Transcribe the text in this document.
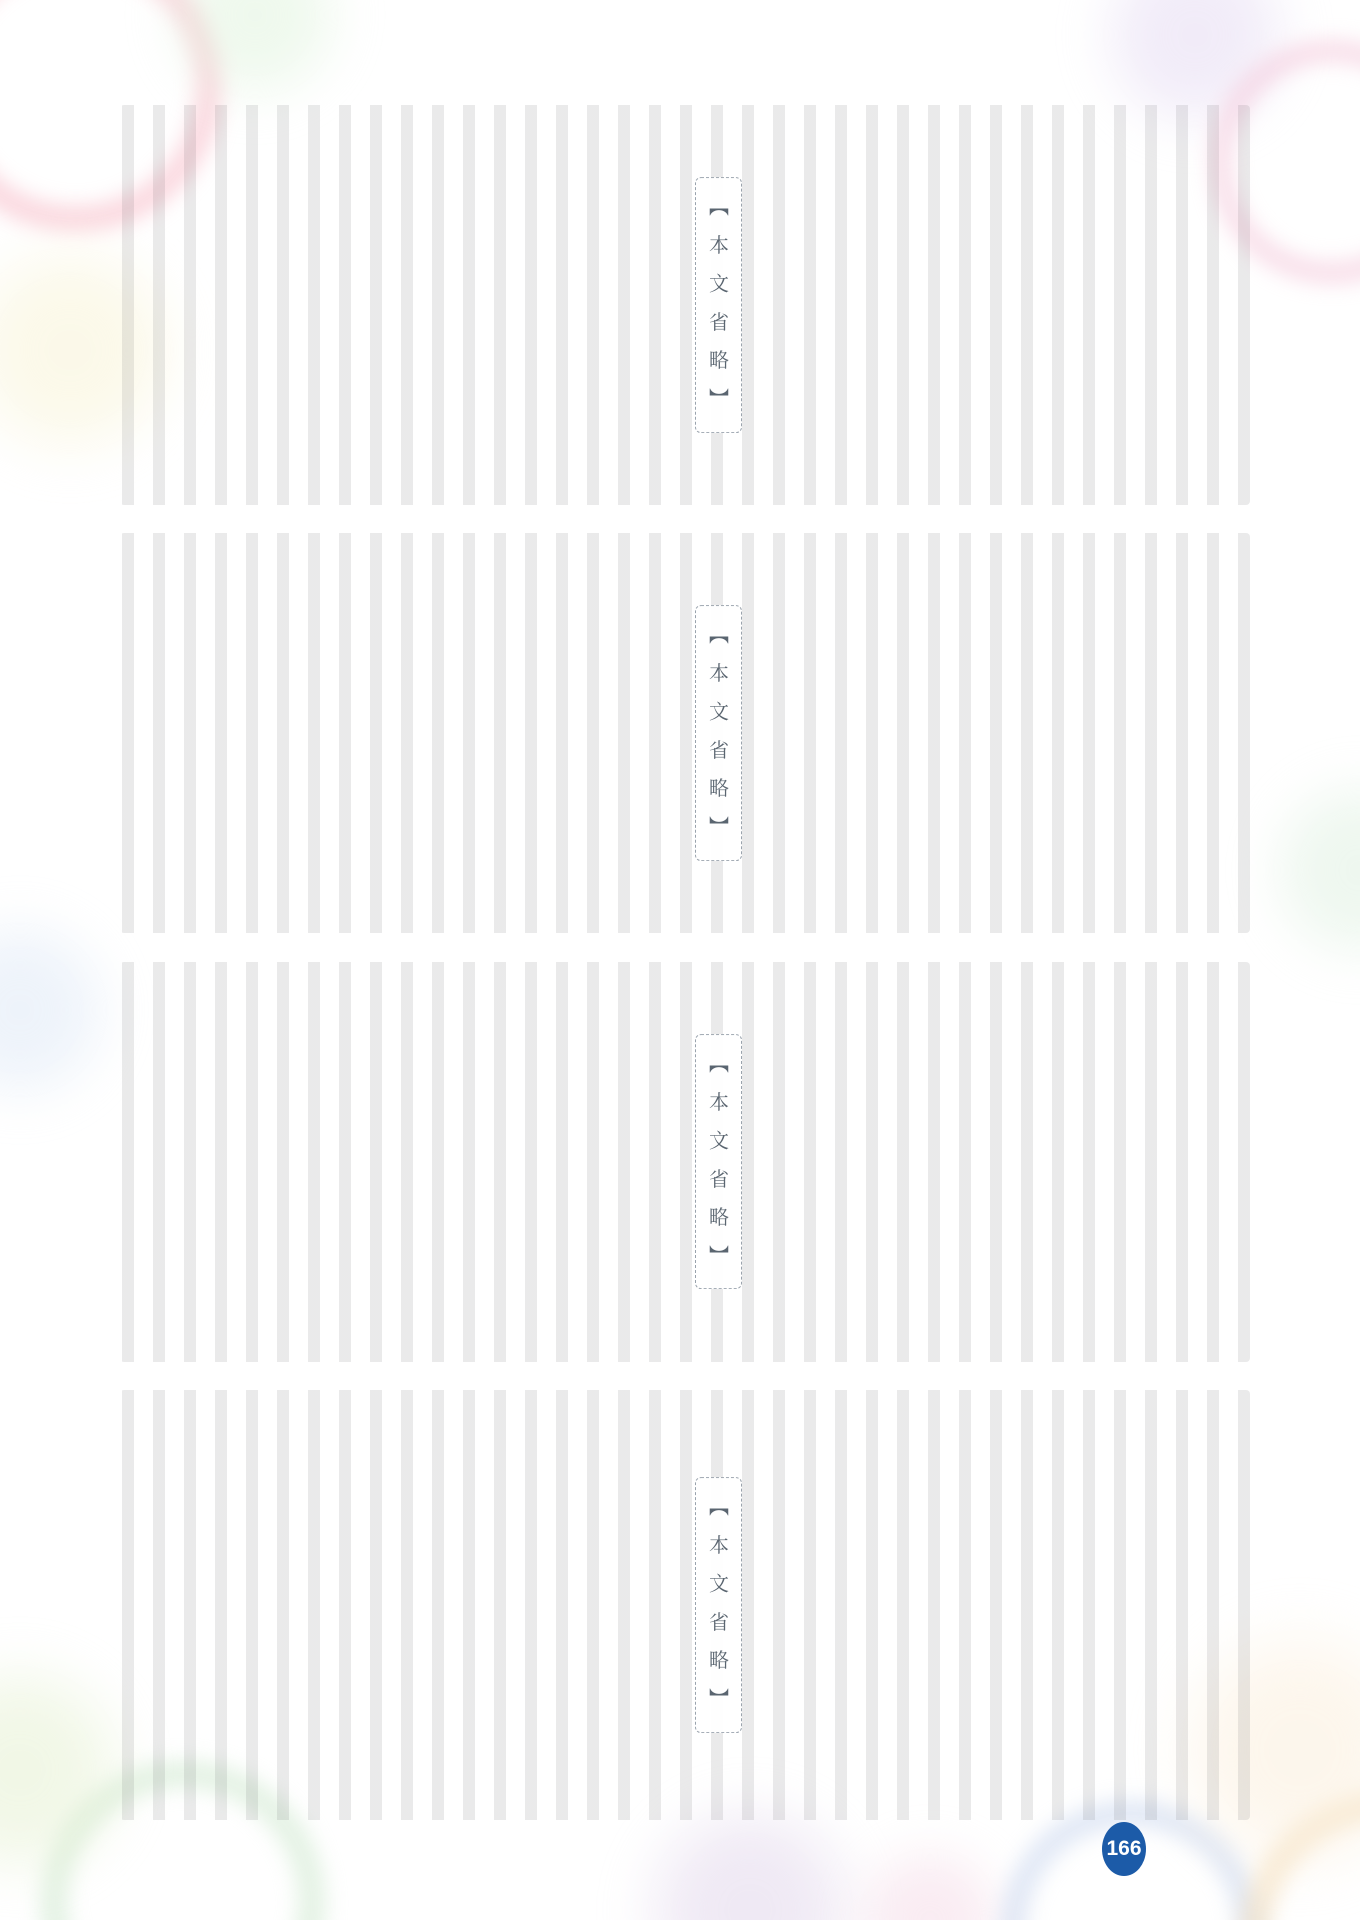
【 本 文 省 略 】
【 本 文 省 略 】
【 本 文 省 略 】
【 本 文 省 略 】
166
